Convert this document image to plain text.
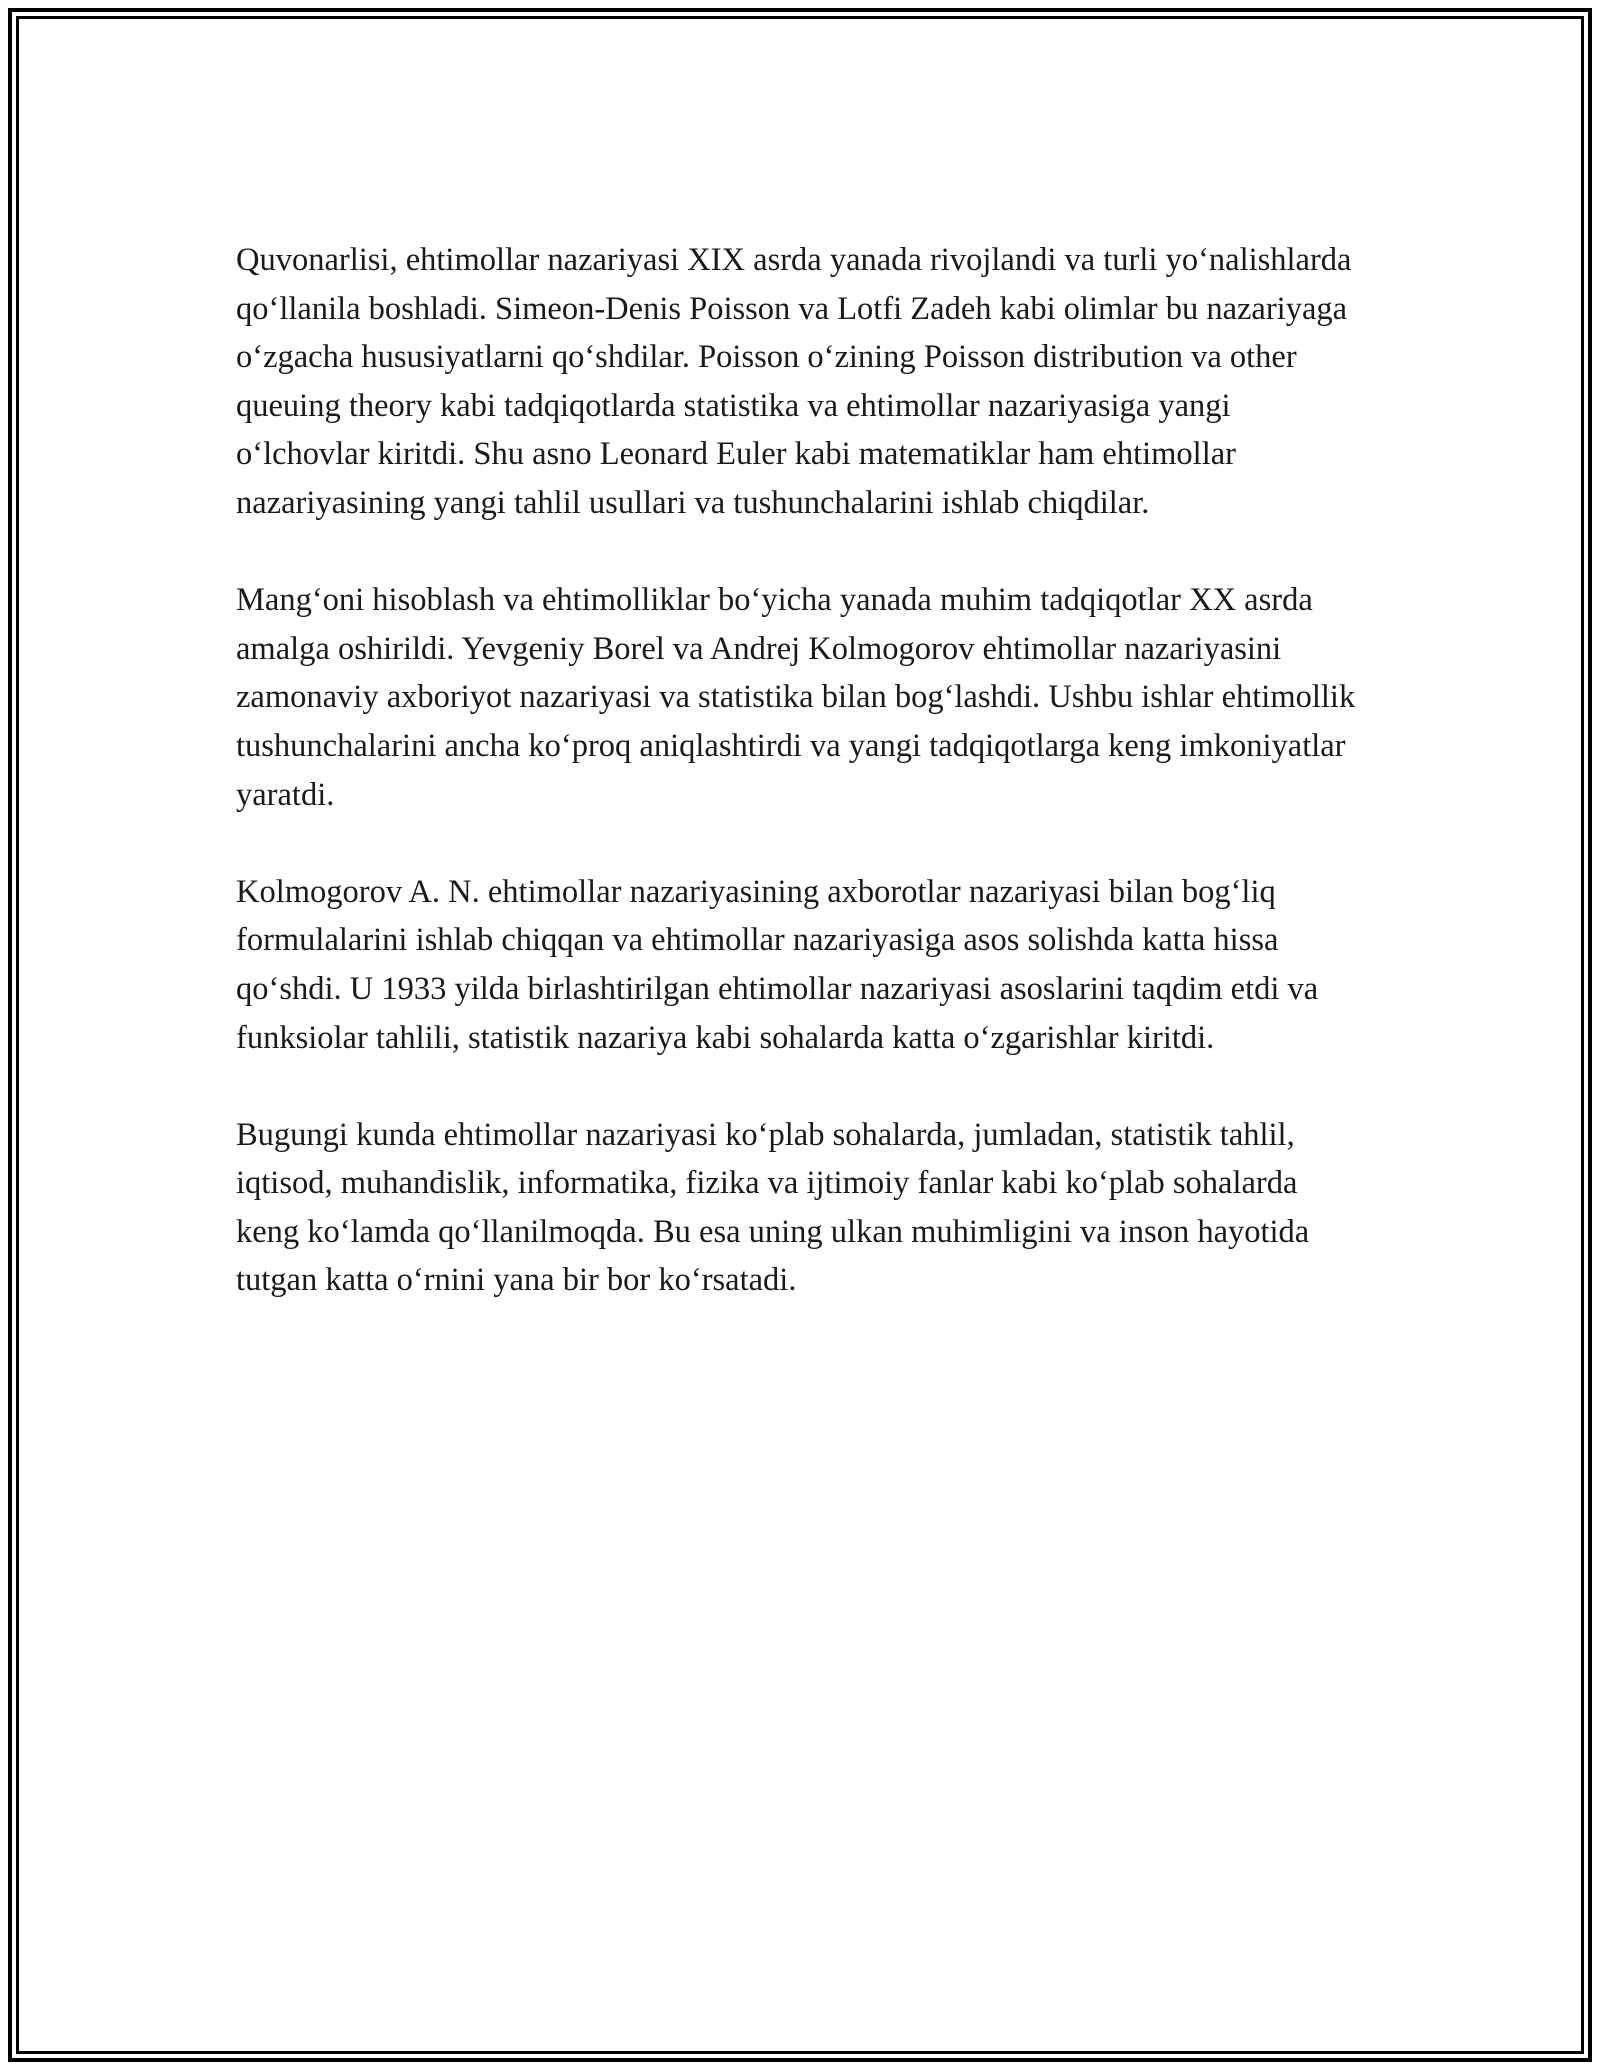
Quvonarlisi, ehtimollar nazariyasi XIX asrda yanada rivojlandi va turli yo‘nalishlarda qo‘llanila boshladi. Simeon-Denis Poisson va Lotfi Zadeh kabi olimlar bu nazariyaga o‘zgacha hususiyatlarni qo‘shdilar. Poisson o‘zining Poisson distribution va other queuing theory kabi tadqiqotlarda statistika va ehtimollar nazariyasiga yangi o‘lchovlar kiritdi. Shu asno Leonard Euler kabi matematiklar ham ehtimollar nazariyasining yangi tahlil usullari va tushunchalarini ishlab chiqdilar.

Mang‘oni hisoblash va ehtimolliklar bo‘yicha yanada muhim tadqiqotlar XX asrda amalga oshirildi. Yevgeniy Borel va Andrej Kolmogorov ehtimollar nazariyasini zamonaviy axboriyot nazariyasi va statistika bilan bog‘lashdi. Ushbu ishlar ehtimollik tushunchalarini ancha ko‘proq aniqlashtirdi va yangi tadqiqotlarga keng imkoniyatlar yaratdi.

Kolmogorov A. N. ehtimollar nazariyasining axborotlar nazariyasi bilan bog‘liq formulalarini ishlab chiqqan va ehtimollar nazariyasiga asos solishda katta hissa qo‘shdi. U 1933 yilda birlashtirilgan ehtimollar nazariyasi asoslarini taqdim etdi va funksiolar tahlili, statistik nazariya kabi sohalarda katta o‘zgarishlar kiritdi.

Bugungi kunda ehtimollar nazariyasi ko‘plab sohalarda, jumladan, statistik tahlil, iqtisod, muhandislik, informatika, fizika va ijtimoiy fanlar kabi ko‘plab sohalarda keng ko‘lamda qo‘llanilmoqda. Bu esa uning ulkan muhimligini va inson hayotida tutgan katta o‘rnini yana bir bor ko‘rsatadi.
